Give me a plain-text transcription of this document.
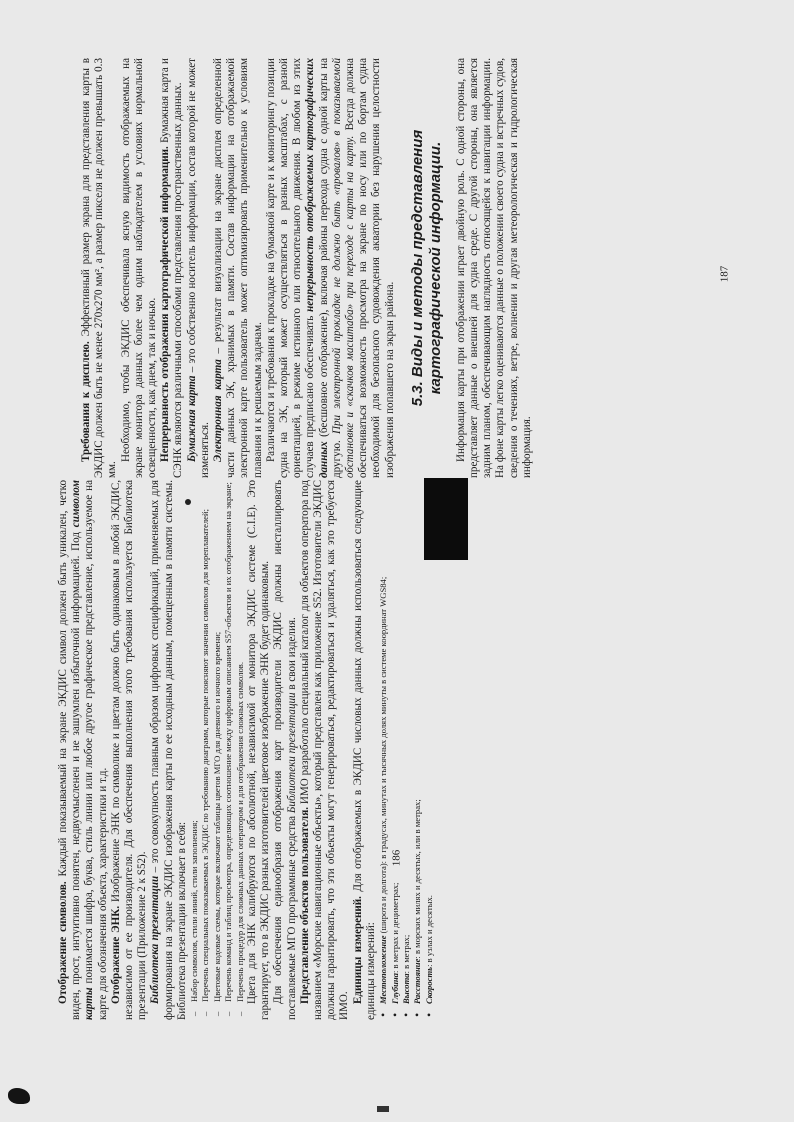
Отображение символов. Каждый показываемый на экране ЭКДИС символ должен быть уникален, четко виден, прост, интуитивно понятен, недвусмысленен и не зашумлен избыточной информацией. Под символом карты понимается шифра, буква, стиль линии или любое другое графическое представление, используемое на карте для обозначения объекта, характеристики и т.д. Отображение ЭНК. Изображение ЭНК по символике и цветам должно быть одинаковым в любой ЭКДИС, независимо от ее производителя. Для обеспечения выполнения этого требования используется Библиотека презентации (Приложение 2 к S52). Библиотека презентации – это совокупность главным образом цифровых спецификаций, применяемых для формирования на экране ЭКДИС изображения карты по ее исходным данным, помещенным в памяти системы. Библиотека презентации включает в себя: – Набор символов, стили линий, стили заполнения; – Перечень специальных показываемых в ЭКДИС по требованию диаграмм, которые поясняют значения символов для мореплавателей; – Цветовые кодовые схемы, которые включают таблицы цветов МГО для дневного и ночного времени; – Перечень команд и таблиц просмотра, определяющих соотношение между цифровым описанием S57-объектов и их отображением на экране; – Перечень процедур для сложных данных оператором и для отображения сложных символов. Цвета для ЭНК калибруются по абсолютной, независимой от монитора ЭКДИС системе (C.I.E). Это гарантирует, что в ЭКДИС разных изготовителей цветовое изображение ЭНК будет одинаковым. Для обеспечения единообразия отображения карт производители ЭКДИС должны инсталлировать поставляемые МГО программные средства Библиотеки презентации в свои изделия.

Представление объектов пользователя. ИМО разработало специальный каталог для объектов оператора под названием «Морские навигационные объекты», который представлен как приложение S52. Изготовители ЭКДИС должны гарантировать, что эти объекты могут генерироваться, редактироваться и удаляться, как это требуется ИМО.

Единицы измерений. Для отображаемых в ЭКДИС числовых данных должны использоваться следующие единицы измерений: • Местоположение (широта и долгота): в градусах, минутах и тысячных долях минуты в системе координат WGS84;

• Глубина: в метрах и дециметрах;

• Высота: в метрах;

• Расстояние: в морских милях и десятых, или в метрах;

• Скорость: в узлах и десятых.

186

Требования к дисплею. Эффективный размер экрана для представления карты в ЭКДИС должен быть не менее 270х270 мм², а размер пикселя не должен превышать 0.3 мм.

Необходимо, чтобы ЭКДИС обеспечивала ясную видимость отображаемых на экране монитора данных более чем одним наблюдателем в условиях нормальной освещенности, как днем, так и ночью. Непрерывность отображения картографической информации. Бумажная карта и СЭНК являются различными способами представления пространственных данных. Бумажная карта – это собственно носитель информации, состав которой не может изменяться. Электронная карта – результат визуализации на экране дисплея определенной части данных ЭК, хранимых в памяти. Состав информации на отображаемой электронной карте пользователь может оптимизировать применительно к условиям плавания и к решаемым задачам. Различаются и требования к прокладке на бумажной карте и к мониторингу позиции судна на ЭК, который может осуществляться в разных масштабах, с разной ориентацией, в режиме истинного или относительного движения. В любом из этих случаев предписано обеспечивать непрерывность отображаемых картографических данных (бесшовное отображение), включая районы перехода судна с одной карты на другую. При электронной прокладке не должно быть «провалов» в показываемой обстановке и «скачков масштаба» при переходе с карты на карту. Всегда должна обеспечиваться возможность просмотра на экране по носу или по бортам судна необходимой для безопасного судовождения акватории без нарушения целостности изображения попавшего на экран района. 5.3. Виды и методы представления картографической информации. Информация карты при отображении играет двойную роль. С одной стороны, она представляет данные о внешней для судна среде. С другой стороны, она является задним планом, обеспечивающим наглядность относящейся к навигации информации. На фоне карты легко оцениваются данные о положении своего судна и встречных судов, сведения о течениях, ветре, волнении и другая метеорологическая и гидрологическая информация.

187
